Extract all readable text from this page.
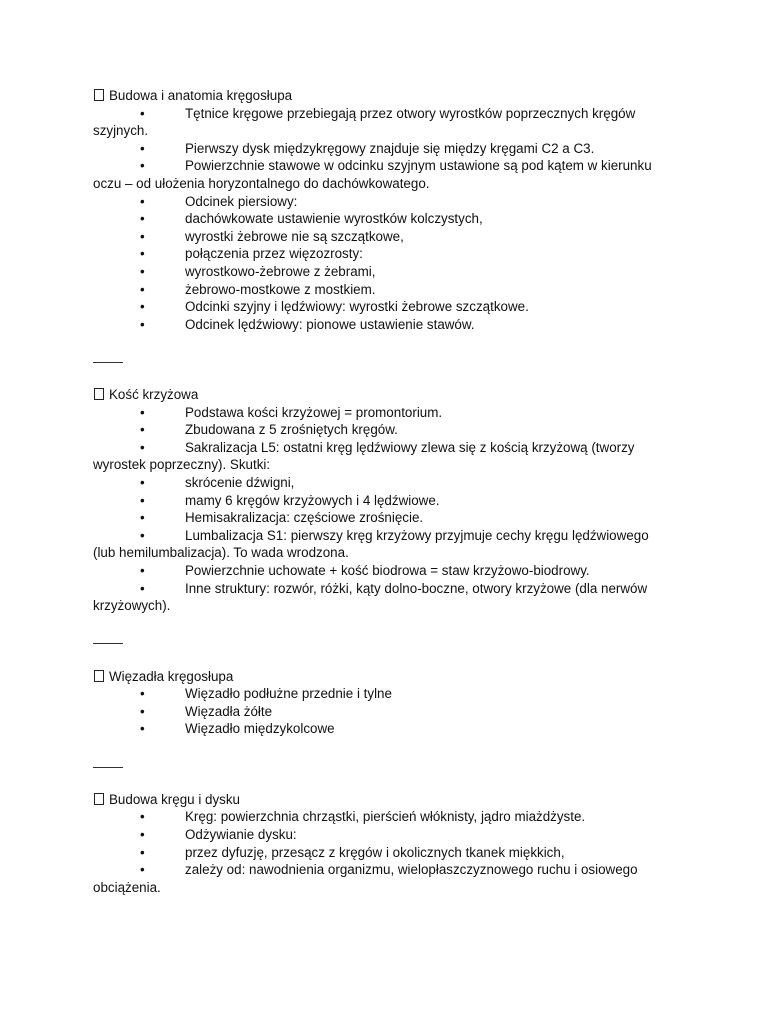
Budowa i anatomia kręgosłupa
•	Tętnice kręgowe przebiegają przez otwory wyrostków poprzecznych kręgów szyjnych.
•	Pierwszy dysk międzykręgowy znajduje się między kręgami C2 a C3.
•	Powierzchnie stawowe w odcinku szyjnym ustawione są pod kątem w kierunku oczu – od ułożenia horyzontalnego do dachówkowatego.
•	Odcinek piersiowy:
•	dachówkowate ustawienie wyrostków kolczystych,
•	wyrostki żebrowe nie są szczątkowe,
•	połączenia przez więzozrosty:
•	wyrostkowo-żebrowe z żebrami,
•	żebrowo-mostkowe z mostkiem.
•	Odcinki szyjny i lędźwiowy: wyrostki żebrowe szczątkowe.
•	Odcinek lędźwiowy: pionowe ustawienie stawów.
Kość krzyżowa
•	Podstawa kości krzyżowej = promontorium.
•	Zbudowana z 5 zrośniętych kręgów.
•	Sakralizacja L5: ostatni kręg lędźwiowy zlewa się z kością krzyżową (tworzy wyrostek poprzeczny). Skutki:
•	skrócenie dźwigni,
•	mamy 6 kręgów krzyżowych i 4 lędźwiowe.
•	Hemisakralizacja: częściowe zrośnięcie.
•	Lumbalizacja S1: pierwszy kręg krzyżowy przyjmuje cechy kręgu lędźwiowego (lub hemilumbalizacja). To wada wrodzona.
•	Powierzchnie uchowate + kość biodrowa = staw krzyżowo-biodrowy.
•	Inne struktury: rozwór, różki, kąty dolno-boczne, otwory krzyżowe (dla nerwów krzyżowych).
Więzadła kręgosłupa
•	Więzadło podłużne przednie i tylne
•	Więzadła żółte
•	Więzadło międzykolcowe
Budowa kręgu i dysku
•	Kręg: powierzchnia chrząstki, pierścień włóknisty, jądro miażdżyste.
•	Odżywianie dysku:
•	przez dyfuzję, przesącz z kręgów i okolicznych tkanek miękkich,
•	zależy od: nawodnienia organizmu, wielopłaszczyznowego ruchu i osiowego obciążenia.
